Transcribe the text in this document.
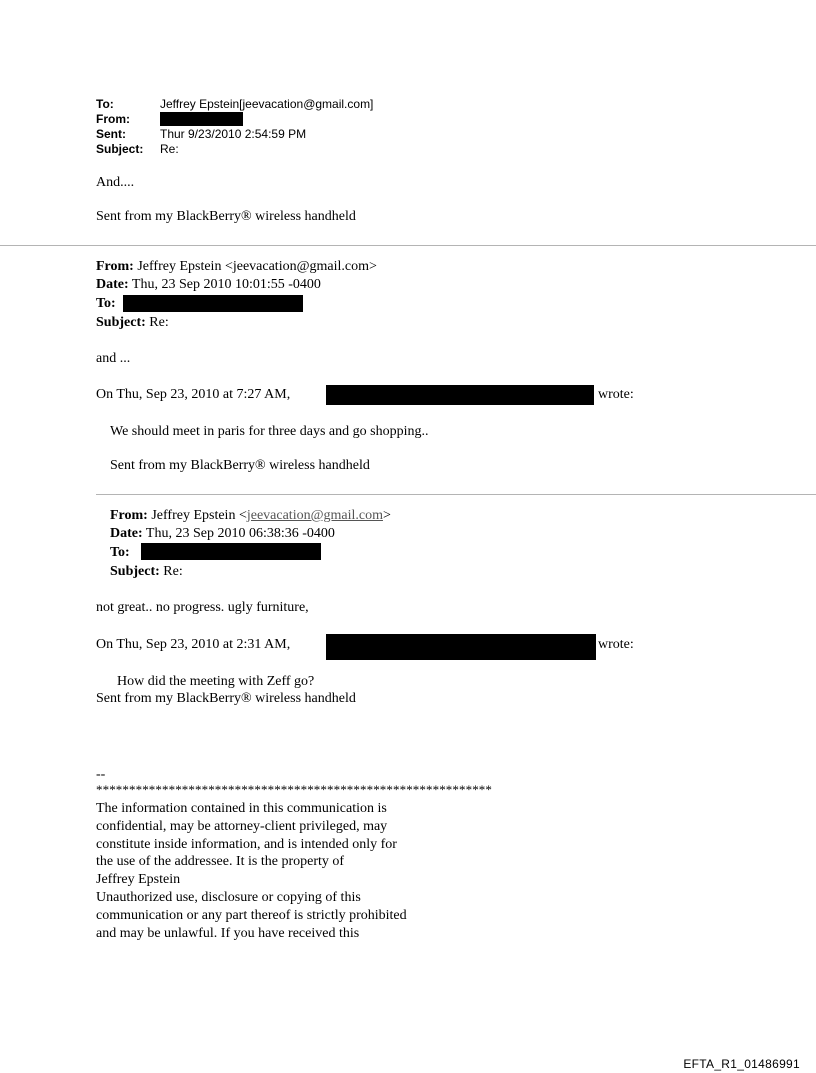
To:	Jeffrey Epstein[jeevacation@gmail.com]
From:
Sent:	Thur 9/23/2010 2:54:59 PM
Subject: Re:
And....
Sent from my BlackBerry® wireless handheld
From: Jeffrey Epstein <jeevacation@gmail.com>
Date: Thu, 23 Sep 2010 10:01:55 -0400
To:
Subject: Re:
and ...
On Thu, Sep 23, 2010 at 7:27 AM,	wrote:
We should meet in paris for three days and go shopping..
Sent from my BlackBerry® wireless handheld
From: Jeffrey Epstein <jeevacation@gmail.com>
Date: Thu, 23 Sep 2010 06:38:36 -0400
To:
Subject: Re:
not great.. no progress. ugly furniture,
On Thu, Sep 23, 2010 at 2:31 AM,	wrote:
How did the meeting with Zeff go?
Sent from my BlackBerry® wireless handheld
--
************************************************************
The information contained in this communication is
confidential, may be attorney-client privileged, may
constitute inside information, and is intended only for
the use of the addressee. It is the property of
Jeffrey Epstein
Unauthorized use, disclosure or copying of this
communication or any part thereof is strictly prohibited
and may be unlawful. If you have received this
EFTA_R1_01486991
